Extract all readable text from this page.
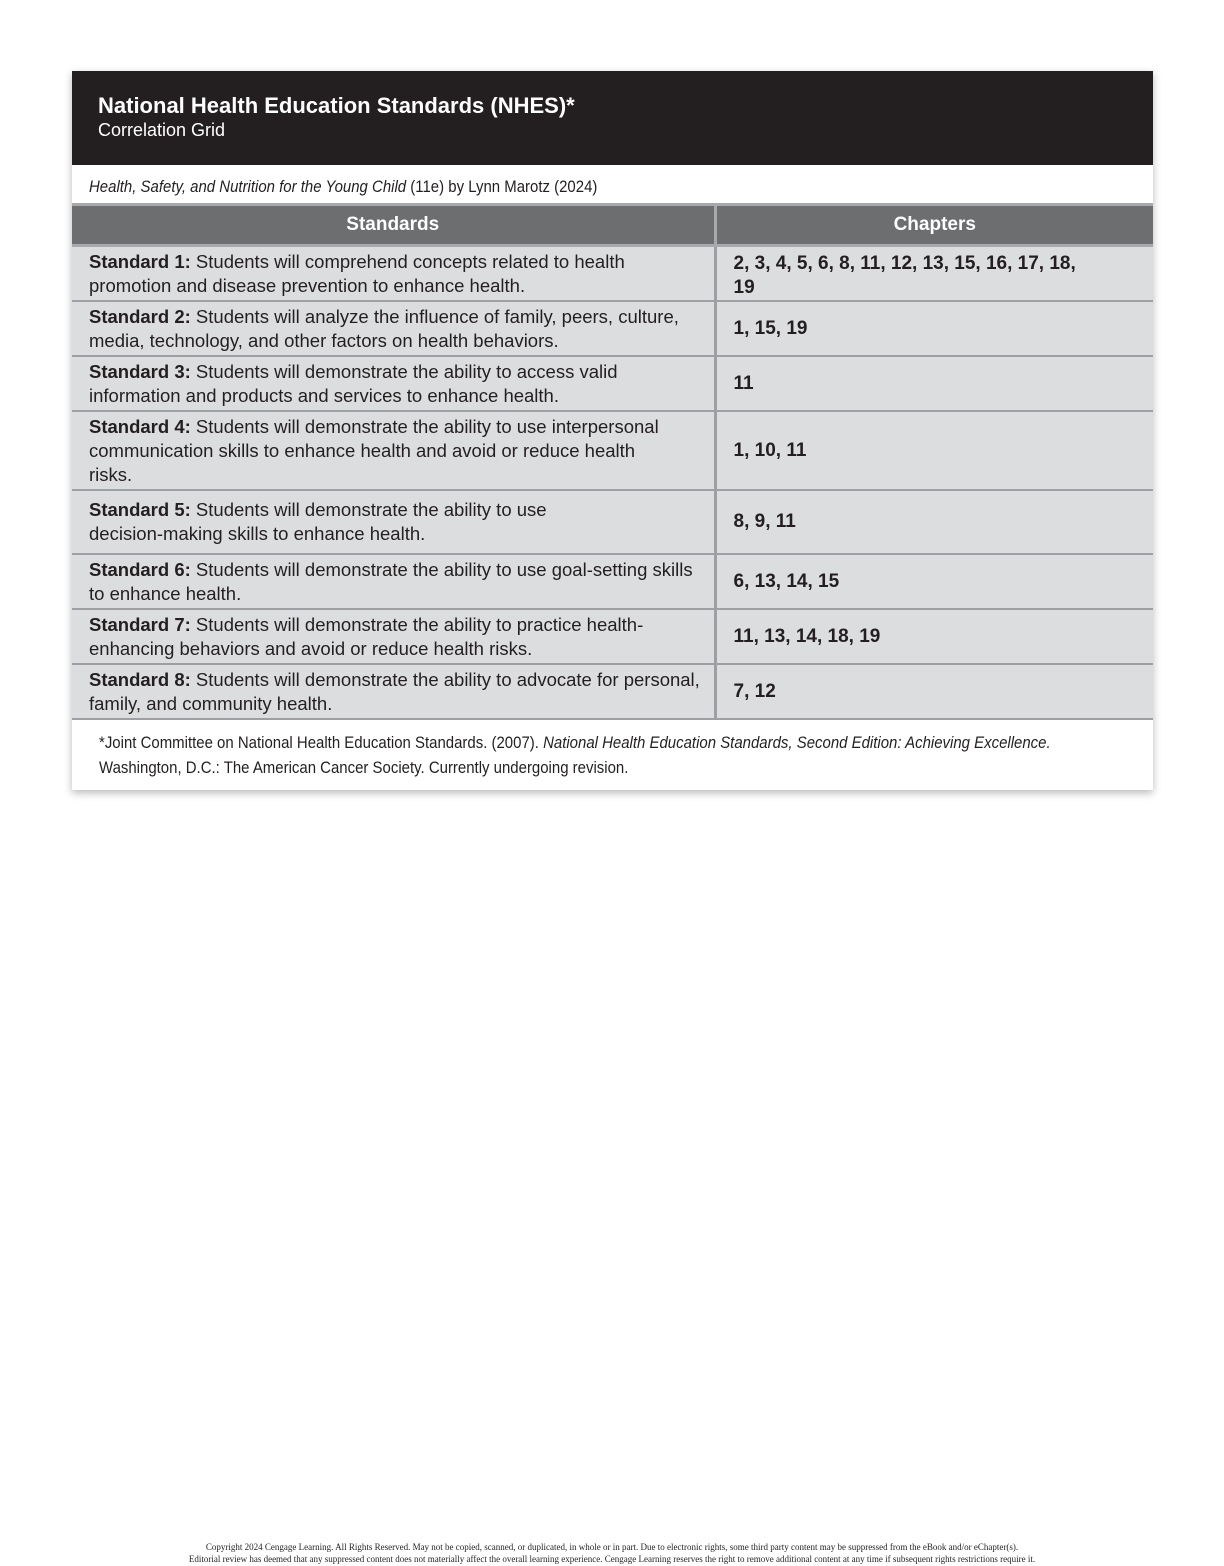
National Health Education Standards (NHES)*
Correlation Grid
Health, Safety, and Nutrition for the Young Child (11e) by Lynn Marotz (2024)
Standards	Chapters
Standard 1: Students will comprehend concepts related to health promotion and disease prevention to enhance health.	2, 3, 4, 5, 6, 8, 11, 12, 13, 15, 16, 17, 18, 19
Standard 2: Students will analyze the influence of family, peers, culture, media, technology, and other factors on health behaviors.	1, 15, 19
Standard 3: Students will demonstrate the ability to access valid information and products and services to enhance health.	11
Standard 4: Students will demonstrate the ability to use interpersonal communication skills to enhance health and avoid or reduce health risks.	1, 10, 11
Standard 5: Students will demonstrate the ability to use decision-making skills to enhance health.	8, 9, 11
Standard 6: Students will demonstrate the ability to use goal-setting skills to enhance health.	6, 13, 14, 15
Standard 7: Students will demonstrate the ability to practice health-enhancing behaviors and avoid or reduce health risks.	11, 13, 14, 18, 19
Standard 8: Students will demonstrate the ability to advocate for personal, family, and community health.	7, 12
*Joint Committee on National Health Education Standards. (2007). National Health Education Standards, Second Edition: Achieving Excellence. Washington, D.C.: The American Cancer Society. Currently undergoing revision.
Copyright 2024 Cengage Learning. All Rights Reserved. May not be copied, scanned, or duplicated, in whole or in part. Due to electronic rights, some third party content may be suppressed from the eBook and/or eChapter(s).
Editorial review has deemed that any suppressed content does not materially affect the overall learning experience. Cengage Learning reserves the right to remove additional content at any time if subsequent rights restrictions require it.
